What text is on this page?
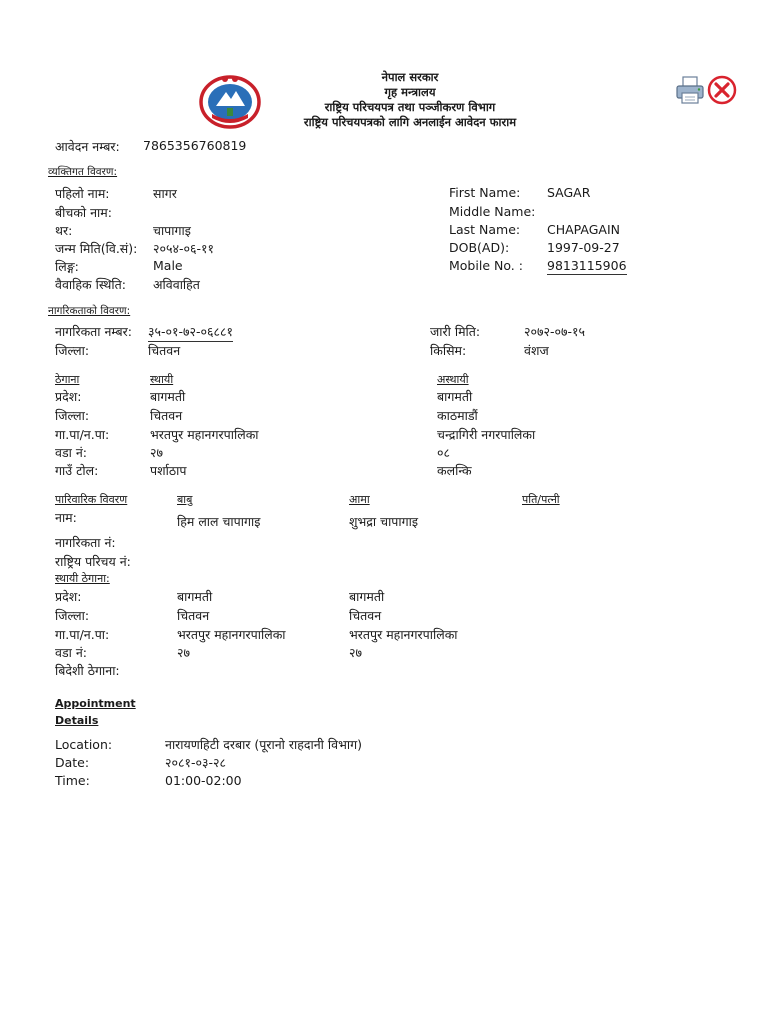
नेपाल सरकार
गृह मन्त्रालय
राष्ट्रिय परिचयपत्र तथा पञ्जीकरण विभाग
राष्ट्रिय परिचयपत्रको लागि अनलाईन आवेदन फाराम
आवेदन नम्बर: 7865356760819
व्यक्तिगत विवरण:
पहिलो नाम:	सागर
बीचको नाम:
थर:	चापागाइ
जन्म मिति(वि.सं): २०५४-०६-११
लिङ्ग:	Male
वैवाहिक स्थिति: अविवाहित
First Name: SAGAR
Middle Name:
Last Name: CHAPAGAIN
DOB(AD):	1997-09-27
Mobile No. : 9813115906
नागरिकताको विवरण:
नागरिकता नम्बर: ३५-०१-७२-०६८८१
जिल्ला:	चितवन
जारी मिति:	२०७२-०७-१५
किसिम:	वंशज
ठेगाना	स्थायी	अस्थायी
प्रदेश:	बागमती	बागमती
जिल्ला:	चितवन	काठमाडौं
गा.पा/न.पा:	भरतपुर महानगरपालिका	चन्द्रागिरी नगरपालिका
वडा नं:	२७	०८
गाउँ टोल:	पर्शाठाप	कलन्कि
पारिवारिक विवरण	बाबु	आमा	पति/पत्नी
नाम:	हिम लाल चापागाइ	शुभद्रा चापागाइ
नागरिकता नं:
राष्ट्रिय परिचय नं:
स्थायी ठेगाना:
प्रदेश:	बागमती	बागमती
जिल्ला:	चितवन	चितवन
गा.पा/न.पा:	भरतपुर महानगरपालिका	भरतपुर महानगरपालिका
वडा नं:	२७	२७
बिदेशी ठेगाना:
Appointment
Details
Location:	नारायणहिटी दरबार (पूरानो राहदानी विभाग)
Date:	२०८१-०३-२८
Time:	01:00-02:00
